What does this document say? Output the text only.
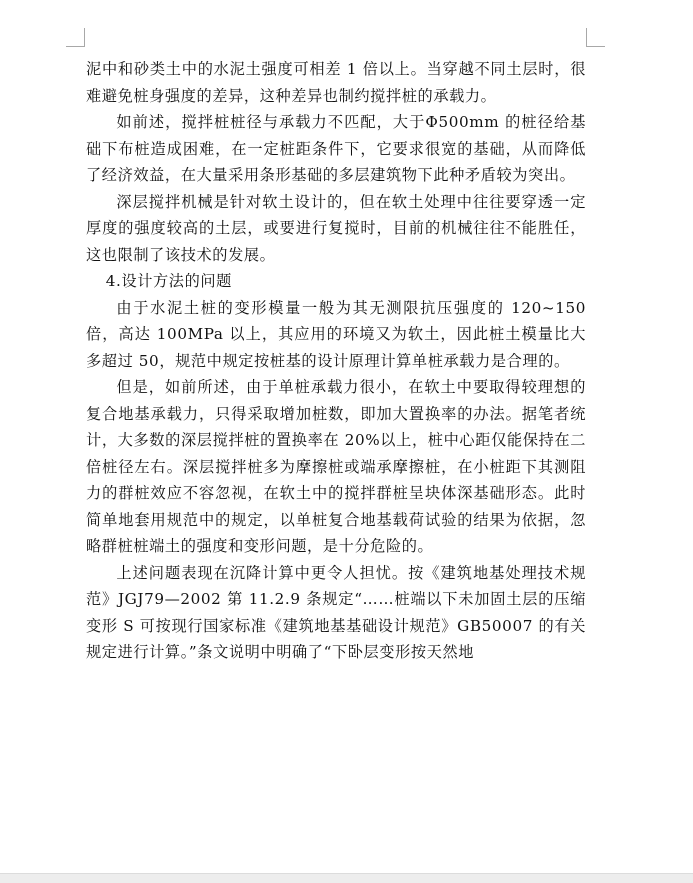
泥中和砂类土中的水泥土强度可相差 1 倍以上。当穿越不同土层时，很难避免桩身强度的差异，这种差异也制约搅拌桩的承载力。

如前述，搅拌桩桩径与承载力不匹配，大于Φ500mm 的桩径给基础下布桩造成困难，在一定桩距条件下，它要求很宽的基础，从而降低了经济效益，在大量采用条形基础的多层建筑物下此种矛盾较为突出。

深层搅拌机械是针对软土设计的，但在软土处理中往往要穿透一定厚度的强度较高的土层，或要进行复搅时，目前的机械往往不能胜任，这也限制了该技术的发展。

4.设计方法的问题

由于水泥土桩的变形模量一般为其无测限抗压强度的 120~150 倍，高达 100MPa 以上，其应用的环境又为软土，因此桩土模量比大多超过 50，规范中规定按桩基的设计原理计算单桩承载力是合理的。

但是，如前所述，由于单桩承载力很小，在软土中要取得较理想的复合地基承载力，只得采取增加桩数，即加大置换率的办法。据笔者统计，大多数的深层搅拌桩的置换率在 20%以上，桩中心距仅能保持在二倍桩径左右。深层搅拌桩多为摩擦桩或端承摩擦桩，在小桩距下其测阻力的群桩效应不容忽视，在软土中的搅拌群桩呈块体深基础形态。此时简单地套用规范中的规定，以单桩复合地基载荷试验的结果为依据，忽略群桩桩端土的强度和变形问题，是十分危险的。

上述问题表现在沉降计算中更令人担忧。按《建筑地基处理技术规范》JGJ79—2002 第 11.2.9 条规定“……桩端以下未加固土层的压缩变形 S 可按现行国家标准《建筑地基基础设计规范》GB50007 的有关规定进行计算。”条文说明中明确了“下卧层变形按天然地
